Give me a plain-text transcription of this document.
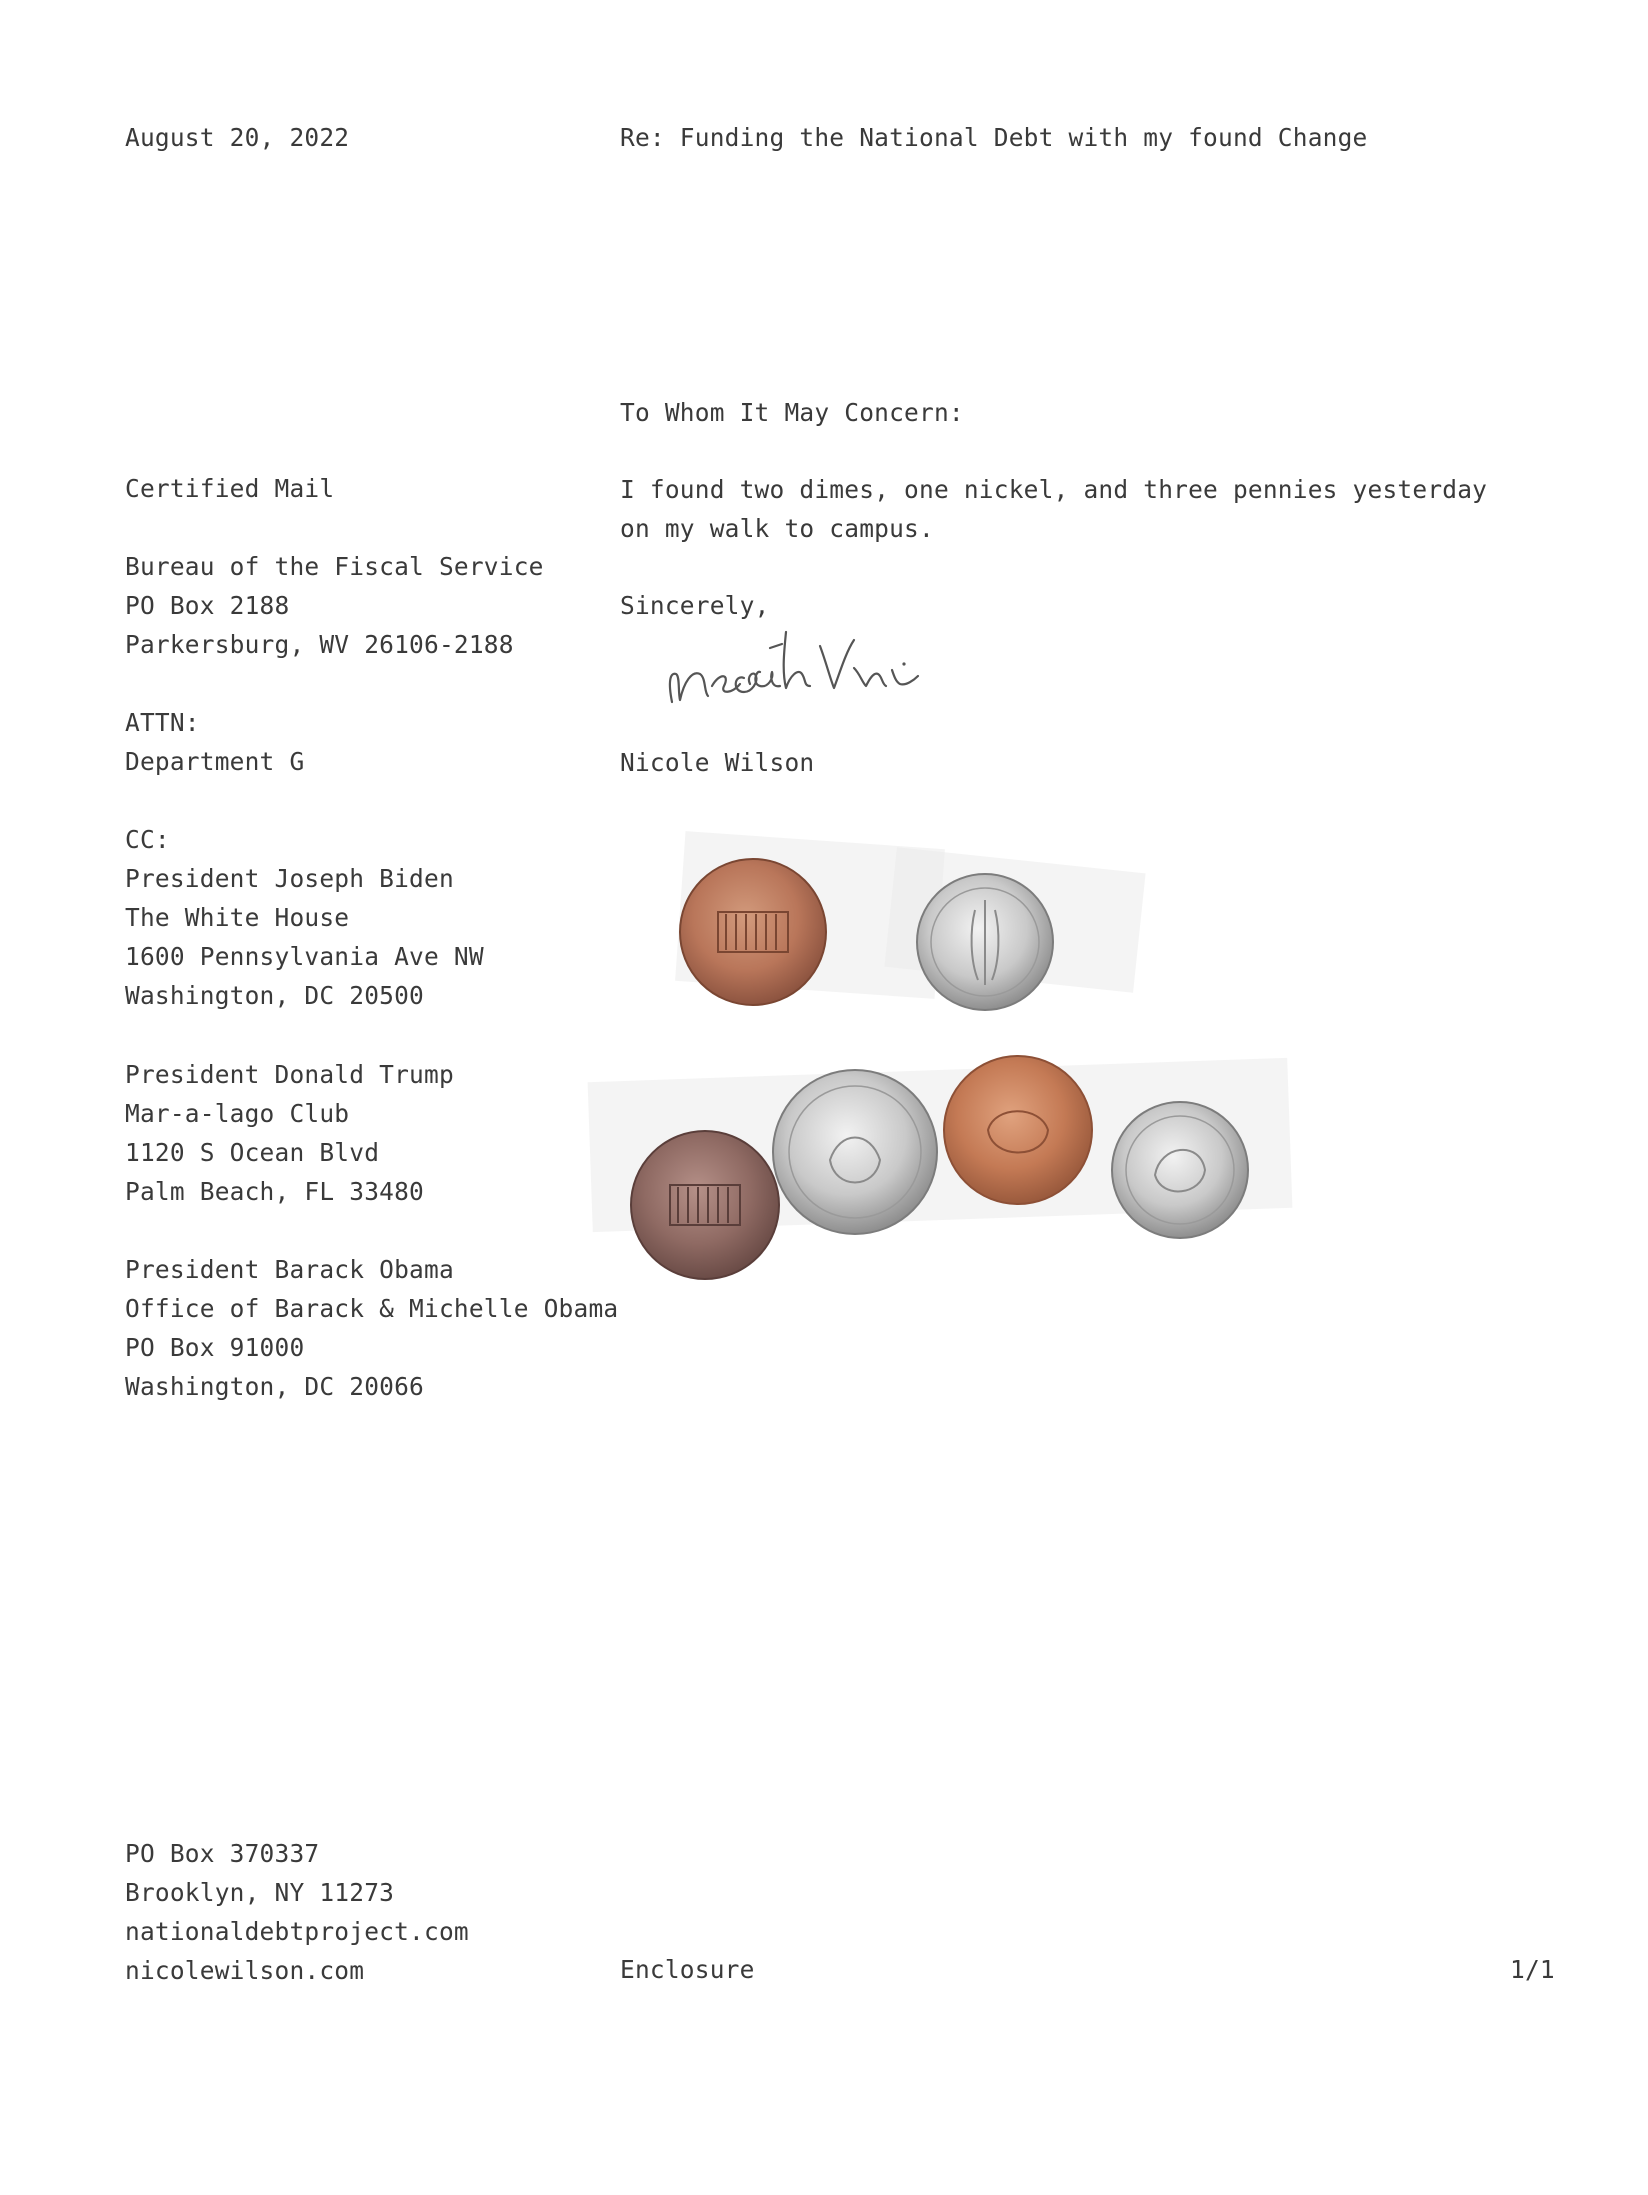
August 20, 2022	Re: Funding the National Debt with my found Change
Certified Mail
Bureau of the Fiscal Service
PO Box 2188
Parkersburg, WV 26106-2188
ATTN:
Department G
CC:
President Joseph Biden
The White House
1600 Pennsylvania Ave NW
Washington, DC 20500
President Donald Trump
Mar-a-lago Club
1120 S Ocean Blvd
Palm Beach, FL 33480
President Barack Obama
Office of Barack & Michelle Obama
PO Box 91000
Washington, DC 20066
PO Box 370337
Brooklyn, NY 11273
nationaldebtproject.com
nicolewilson.com
To Whom It May Concern:
I found two dimes, one nickel, and three pennies yesterday on my walk to campus.
Sincerely,
Nicole Wilson
Enclosure	1/1
